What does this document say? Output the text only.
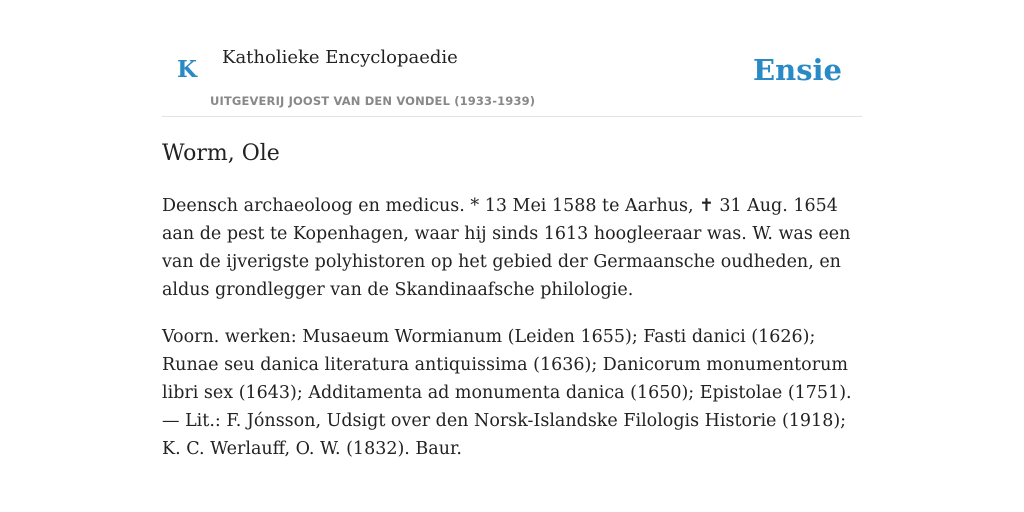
K Katholieke Encyclopaedie
UITGEVERIJ JOOST VAN DEN VONDEL (1933-1939)
Ensie
Worm, Ole

Deensch archaeoloog en medicus. * 13 Mei 1588 te Aarhus, ✝ 31 Aug. 1654 aan de pest te Kopenhagen, waar hij sinds 1613 hoogleeraar was. W. was een van de ijverigste polyhistoren op het gebied der Germaansche oudheden, en aldus grondlegger van de Skandinaafsche philologie.

Voorn. werken: Musaeum Wormianum (Leiden 1655); Fasti danici (1626); Runae seu danica literatura antiquissima (1636); Danicorum monumentorum libri sex (1643); Additamenta ad monumenta danica (1650); Epistolae (1751). — Lit.: F. Jónsson, Udsigt over den Norsk-Islandske Filologis Historie (1918); K. C. Werlauff, O. W. (1832). Baur.
